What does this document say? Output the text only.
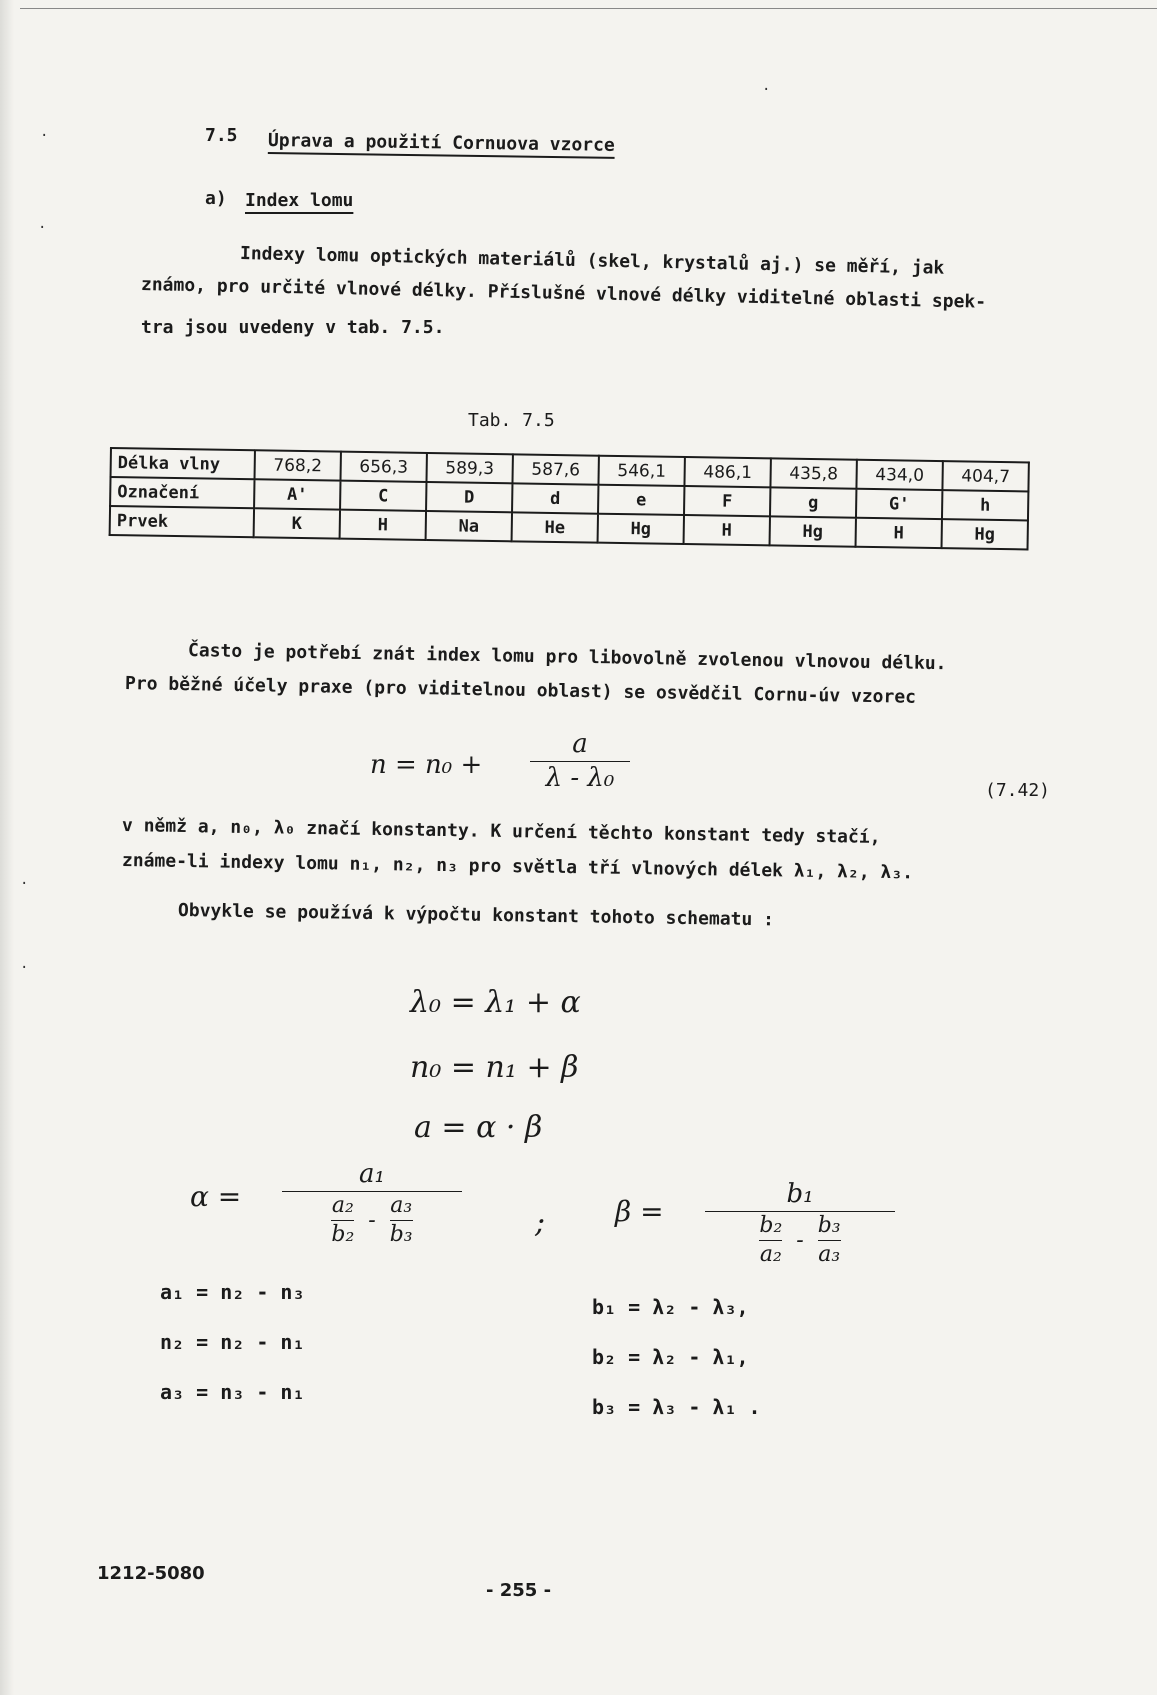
7.5 Úprava a použití Cornuova vzorce
a) Index lomu
Indexy lomu optických materiálů (skel, krystalů aj.) se měří, jak
známo, pro určité vlnové délky. Příslušné vlnové délky viditelné oblasti spek-
tra jsou uvedeny v tab. 7.5.
Tab. 7.5
Délka vlny	768,2	656,3	589,3	587,6	546,1	486,1	435,8	434,0	404,7
Označení	A'	C	D	d	e	F	g	G'	h
Prvek	K	H	Na	He	Hg	H	Hg	H	Hg
Často je potřebí znát index lomu pro libovolně zvolenou vlnovou délku.
Pro běžné účely praxe (pro viditelnou oblast) se osvědčil Cornu-úv vzorec
n = n₀ +
a
λ - λ₀	(7.42)
v němž a, n₀, λ₀ značí konstanty. K určení těchto konstant tedy stačí,
známe-li indexy lomu n₁, n₂, n₃ pro světla tří vlnových délek λ₁, λ₂, λ₃.
Obvykle se používá k výpočtu konstant tohoto schematu :
λ₀ = λ₁ + α
n₀ = n₁ + β
a = α · β
α =
a₁
$\frac{\text{a₂}}{\text{b₂}} - \frac{\text{a₃}}{\text{b₃}}$	; β =
b₁
$\frac{\text{b₂}}{\text{a₂}} - \frac{\text{b₃}}{\text{a₃}}$
a₁ = n₂ - n₃
n₂ = n₂ - n₁
a₃ = n₃ - n₁
b₁ = λ₂ - λ₃,
b₂ = λ₂ - λ₁,
b₃ = λ₃ - λ₁ .
1212-5080
- 255 -
·
·
·
·
·
